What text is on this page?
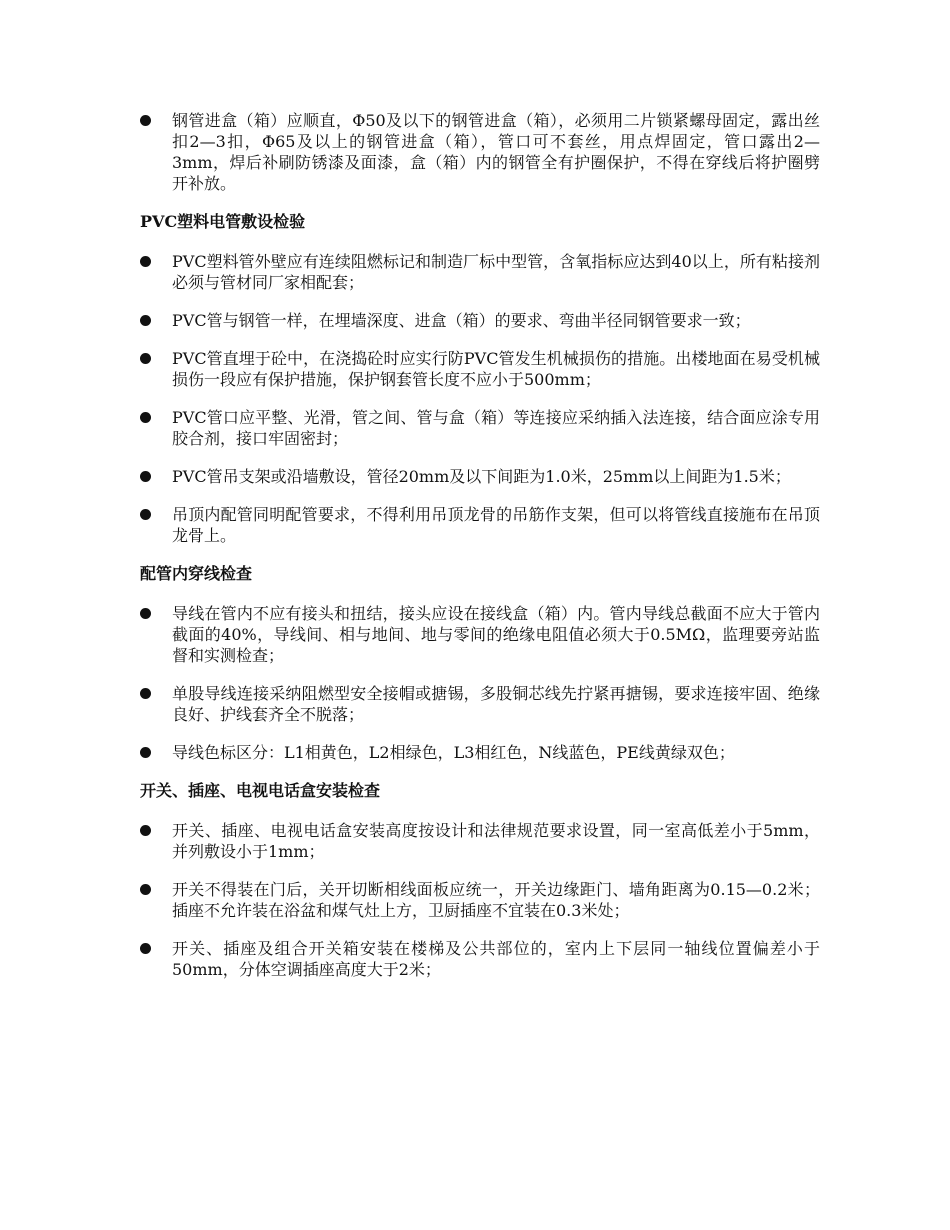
钢管进盒（箱）应顺直，Φ50及以下的钢管进盒（箱），必须用二片锁紧螺母固定，露出丝扣2—3扣，Φ65及以上的钢管进盒（箱），管口可不套丝，用点焊固定，管口露出2—3mm，焊后补刷防锈漆及面漆，盒（箱）内的钢管全有护圈保护，不得在穿线后将护圈劈开补放。
PVC塑料电管敷设检验
PVC塑料管外壁应有连续阻燃标记和制造厂标中型管，含氧指标应达到40以上，所有粘接剂必须与管材同厂家相配套；
PVC管与钢管一样，在埋墙深度、进盒（箱）的要求、弯曲半径同钢管要求一致；
PVC管直埋于砼中，在浇捣砼时应实行防PVC管发生机械损伤的措施。出楼地面在易受机械损伤一段应有保护措施，保护钢套管长度不应小于500mm；
PVC管口应平整、光滑，管之间、管与盒（箱）等连接应采纳插入法连接，结合面应涂专用胶合剂，接口牢固密封；
PVC管吊支架或沿墙敷设，管径20mm及以下间距为1.0米，25mm以上间距为1.5米；
吊顶内配管同明配管要求，不得利用吊顶龙骨的吊筋作支架，但可以将管线直接施布在吊顶龙骨上。
配管内穿线检查
导线在管内不应有接头和扭结，接头应设在接线盒（箱）内。管内导线总截面不应大于管内截面的40%，导线间、相与地间、地与零间的绝缘电阻值必须大于0.5MΩ，监理要旁站监督和实测检查；
单股导线连接采纳阻燃型安全接帽或搪锡，多股铜芯线先拧紧再搪锡，要求连接牢固、绝缘良好、护线套齐全不脱落；
导线色标区分：L1相黄色，L2相绿色，L3相红色，N线蓝色，PE线黄绿双色；
开关、插座、电视电话盒安装检查
开关、插座、电视电话盒安装高度按设计和法律规范要求设置，同一室高低差小于5mm，并列敷设小于1mm；
开关不得装在门后，关开切断相线面板应统一，开关边缘距门、墙角距离为0.15—0.2米；插座不允许装在浴盆和煤气灶上方，卫厨插座不宜装在0.3米处；
开关、插座及组合开关箱安装在楼梯及公共部位的，室内上下层同一轴线位置偏差小于50mm，分体空调插座高度大于2米；
